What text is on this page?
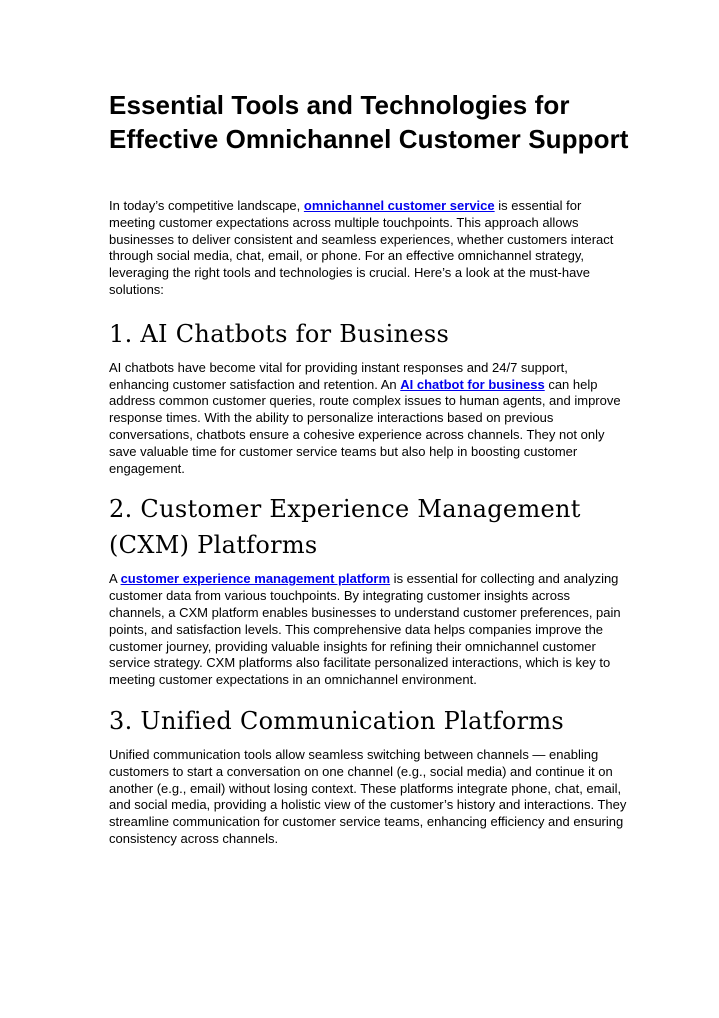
Essential Tools and Technologies for Effective Omnichannel Customer Support

In today’s competitive landscape, omnichannel customer service is essential for meeting customer expectations across multiple touchpoints. This approach allows businesses to deliver consistent and seamless experiences, whether customers interact through social media, chat, email, or phone. For an effective omnichannel strategy, leveraging the right tools and technologies is crucial. Here’s a look at the must-have solutions:

1. AI Chatbots for Business

AI chatbots have become vital for providing instant responses and 24/7 support, enhancing customer satisfaction and retention. An AI chatbot for business can help address common customer queries, route complex issues to human agents, and improve response times. With the ability to personalize interactions based on previous conversations, chatbots ensure a cohesive experience across channels. They not only save valuable time for customer service teams but also help in boosting customer engagement.

2. Customer Experience Management (CXM) Platforms

A customer experience management platform is essential for collecting and analyzing customer data from various touchpoints. By integrating customer insights across channels, a CXM platform enables businesses to understand customer preferences, pain points, and satisfaction levels. This comprehensive data helps companies improve the customer journey, providing valuable insights for refining their omnichannel customer service strategy. CXM platforms also facilitate personalized interactions, which is key to meeting customer expectations in an omnichannel environment.

3. Unified Communication Platforms

Unified communication tools allow seamless switching between channels — enabling customers to start a conversation on one channel (e.g., social media) and continue it on another (e.g., email) without losing context. These platforms integrate phone, chat, email, and social media, providing a holistic view of the customer’s history and interactions. They streamline communication for customer service teams, enhancing efficiency and ensuring consistency across channels.
